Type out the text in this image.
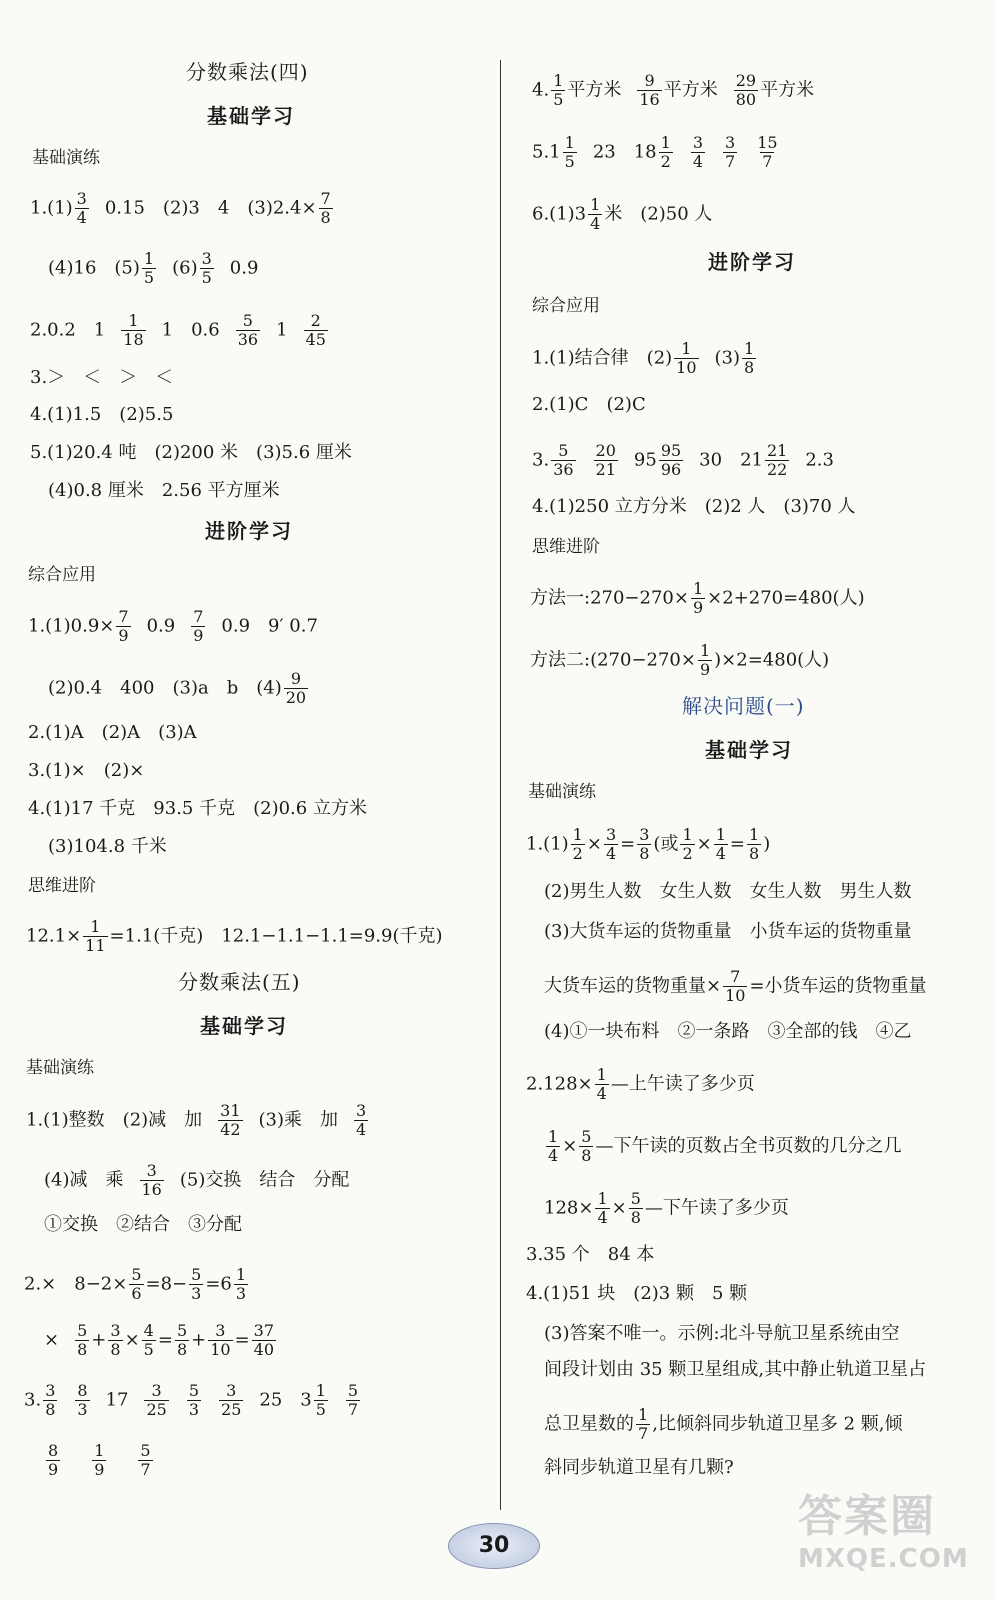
分数乘法(四)
基础学习
基础演练
$1.(1) \frac{3}{4} 0.15$　(2)3　4　$(3)2.4\times \frac{7}{8}$
(4)16　$(5) \frac{1}{5} (6) \frac{3}{5} 0.9$
2.0.2　$1 \frac{1}{18} 1$　$0.6 \frac{5}{36} 1 \frac{2}{45}$
3.＞　＜　＞　＜
4.(1)1.5　(2)5.5
5.(1)20.4 吨　(2)200 米　(3)5.6 厘米
(4)0.8 厘米　2.56 平方厘米
进阶学习
综合应用
$1.(1)0.9\times \frac{7}{9} 0.9 \frac{7}{9} 0.9$　9′ 0.7
(2)0.4　400　(3)a　b　$(4) \frac{9}{20}$
2.(1)A　(2)A　(3)A
3.(1)×　(2)×
4.(1)17 千克　93.5 千克　(2)0.6 立方米
(3)104.8 千米
思维进阶
$12.1\times \frac{1}{11} =1.1$(千克)　12.1−1.1−1.1=9.9(千克)
分数乘法(五)
基础学习
基础演练
1.(1)整数　(2)减　加 $\frac{31}{42} (3)$乘　加 $\frac{3}{4}$
(4)减　乘 $\frac{3}{16} (5)$交换　结合　分配
①交换　②结合　③分配
2.×　$8-2\times \frac{5}{6} =8- \frac{5}{3} =6 \frac{1}{3}$
× $\frac{5}{8} + \frac{3}{8} \times \frac{4}{5} = \frac{5}{8} + \frac{3}{10} = \frac{37}{40}$
3. $\frac{3}{8} \frac{8}{3} 17 \frac{3}{25} \frac{5}{3} \frac{3}{25} 25$　$3 \frac{1}{5} \frac{5}{7}$
$\frac{8}{9} \frac{1}{9} \frac{5}{7}$
4. $\frac{1}{5}$ 平方米 $\frac{9}{16}$ 平方米 $\frac{29}{80}$ 平方米
$5.1 \frac{1}{5} 23$　$18 \frac{1}{2} \frac{3}{4} \frac{3}{7} \frac{15}{7}$
$6.(1)3 \frac{1}{4}$ 米　(2)50 人
进阶学习
综合应用
1.(1)结合律　$(2) \frac{1}{10} (3) \frac{1}{8}$
2.(1)C　(2)C
3. $\frac{5}{36} \frac{20}{21} 95 \frac{95}{96} 30$　$21 \frac{21}{22} 2.3$
4.(1)250 立方分米　(2)2 人　(3)70 人
思维进阶
方法一:270−270× $\frac{1}{9} \times 2+270=480$(人)
方法二:(270−270× $\frac{1}{9} )\times 2=480$(人)
解决问题(一)
基础学习
基础演练
$1.(1) \frac{1}{2} \times \frac{3}{4} = \frac{3}{8}$ (或 $\frac{1}{2} \times \frac{1}{4} = \frac{1}{8}$ )
(2)男生人数　女生人数　女生人数　男生人数
(3)大货车运的货物重量　小货车运的货物重量
大货车运的货物重量× $\frac{7}{10}$ =小货车运的货物重量
(4)①一块布料　②一条路　③全部的钱　④乙
$2.128\times \frac{1}{4}$ —上午读了多少页
$\frac{1}{4} \times \frac{5}{8}$ —下午读的页数占全书页数的几分之几
$128\times \frac{1}{4} \times \frac{5}{8}$ —下午读了多少页
3.35 个　84 本
4.(1)51 块　(2)3 颗　5 颗
(3)答案不唯一。示例:北斗导航卫星系统由空
间段计划由 35 颗卫星组成,其中静止轨道卫星占
总卫星数的 $\frac{1}{7}$ ,比倾斜同步轨道卫星多 2 颗,倾
斜同步轨道卫星有几颗?
30
答案圈
MXQE.COM
